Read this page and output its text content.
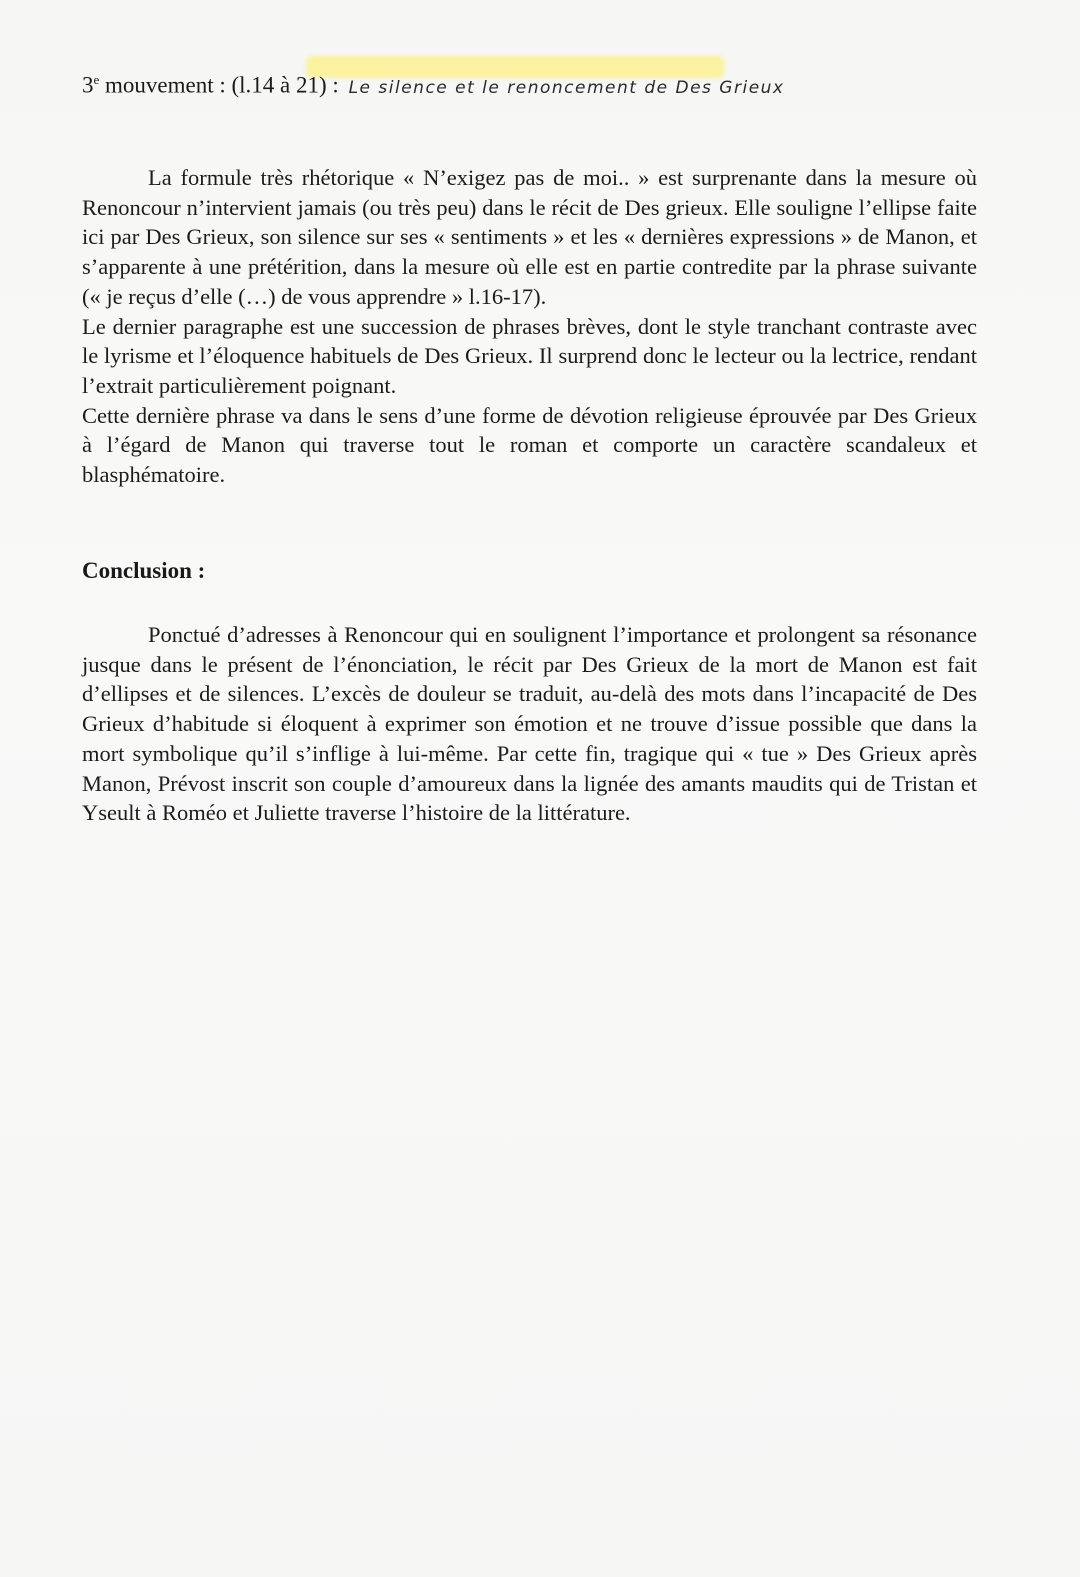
3e mouvement : (l.14 à 21) : Le silence et le renoncement de Des Grieux

La formule très rhétorique « N’exigez pas de moi.. » est surprenante dans la mesure où Renoncour n’intervient jamais (ou très peu) dans le récit de Des grieux. Elle souligne l’ellipse faite ici par Des Grieux, son silence sur ses « sentiments » et les « dernières expressions » de Manon, et s’apparente à une prétérition, dans la mesure où elle est en partie contredite par la phrase suivante (« je reçus d’elle (…) de vous apprendre » l.16-17).

Le dernier paragraphe est une succession de phrases brèves, dont le style tranchant contraste avec le lyrisme et l’éloquence habituels de Des Grieux. Il surprend donc le lecteur ou la lectrice, rendant l’extrait particulièrement poignant.

Cette dernière phrase va dans le sens d’une forme de dévotion religieuse éprouvée par Des Grieux à l’égard de Manon qui traverse tout le roman et comporte un caractère scandaleux et blasphématoire.

Conclusion :

Ponctué d’adresses à Renoncour qui en soulignent l’importance et prolongent sa résonance jusque dans le présent de l’énonciation, le récit par Des Grieux de la mort de Manon est fait d’ellipses et de silences. L’excès de douleur se traduit, au-delà des mots dans l’incapacité de Des Grieux d’habitude si éloquent à exprimer son émotion et ne trouve d’issue possible que dans la mort symbolique qu’il s’inflige à lui-même. Par cette fin, tragique qui « tue » Des Grieux après Manon, Prévost inscrit son couple d’amoureux dans la lignée des amants maudits qui de Tristan et Yseult à Roméo et Juliette traverse l’histoire de la littérature.
